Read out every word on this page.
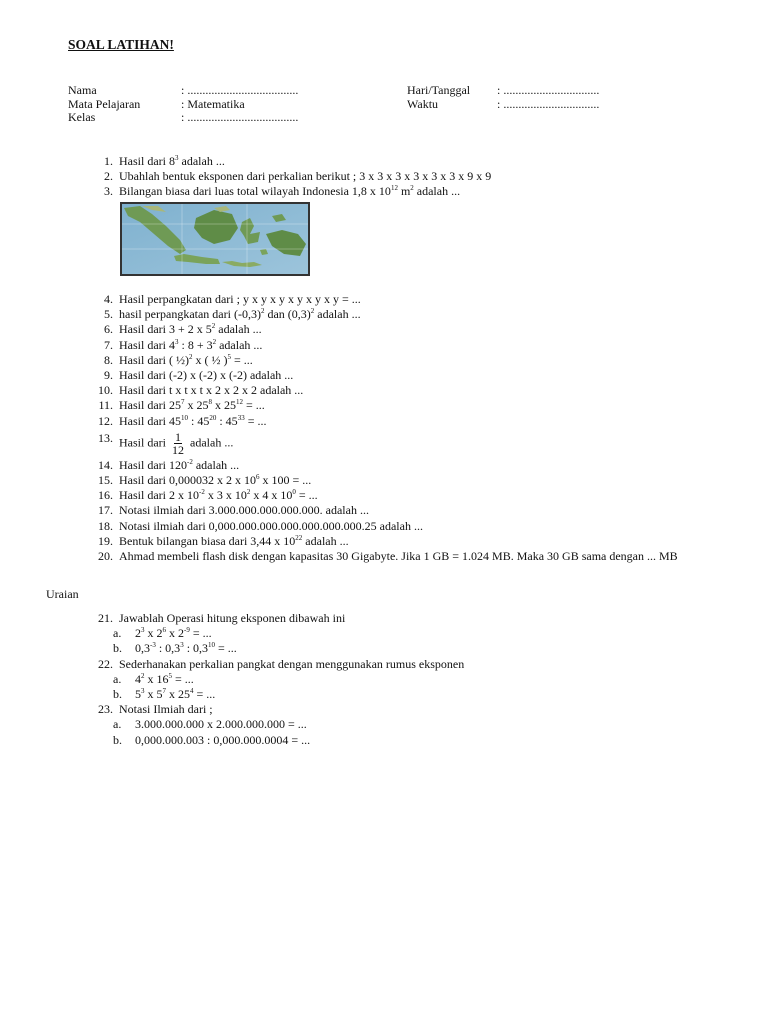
SOAL LATIHAN!
Nama	: .....................................
Mata Pelajaran	: Matematika
Kelas	: .....................................
Hari/Tanggal	: ................................
Waktu	: ................................
1. Hasil dari $8^3$ adalah ...
2. Ubahlah bentuk eksponen dari perkalian berikut ; 3 x 3 x 3 x 3 x 3 x 3 x 9 x 9
3. Bilangan biasa dari luas total wilayah Indonesia 1,8 x $10^{12}$ $m^2$ adalah ...
4. Hasil perpangkatan dari ; y x y x y x y x y x y = ...
5. hasil perpangkatan dari $(-0,3)^2$ dan $(0,3)^2$ adalah ...
6. Hasil dari 3 + 2 x $5^2$ adalah ...
7. Hasil dari $4^3$ : $8 + 3^2$ adalah ...
8. Hasil dari ( ½)$^2$ x ( ½ )$^5$ = ...
9. Hasil dari (-2) x (-2) x (-2) adalah ...
10. Hasil dari t x t x t x 2 x 2 x 2 adalah ...
11. Hasil dari $25^7$ x $25^8$ x $25^{12}$ = ...
12. Hasil dari $45^{10}$ : $45^{20}$ : $45^{33}$ = ...
13. Hasil dari $\frac{1}{12}$ adalah ...
14. Hasil dari $120^{-2}$ adalah ...
15. Hasil dari 0,000032 x 2 x $10^6$ x 100 = ...
16. Hasil dari 2 x $10^{-2}$ x 3 x $10^2$ x 4 x $10^0$ = ...
17. Notasi ilmiah dari 3.000.000.000.000.000. adalah ...
18. Notasi ilmiah dari 0,000.000.000.000.000.000.000.25 adalah ...
19. Bentuk bilangan biasa dari 3,44 x $10^{22}$ adalah ...
20. Ahmad membeli flash disk dengan kapasitas 30 Gigabyte. Jika 1 GB = 1.024 MB. Maka 30 GB sama dengan ... MB
Uraian
21. Jawablah Operasi hitung eksponen dibawah ini
a.	$2^3$ x $2^6$ x $2^{-9}$ = ...
b.	$0,3^{-3}$ : $0,3^3$ : $0,3^{10}$ = ...
22. Sederhanakan perkalian pangkat dengan menggunakan rumus eksponen
a.	$4^2$ x $16^5$ = ...
b.	$5^3$ x $5^7$ x $25^4$ = ...
23. Notasi Ilmiah dari ;
a.	3.000.000.000 x 2.000.000.000 = ...
b.	0,000.000.003 : 0,000.000.0004 = ...
